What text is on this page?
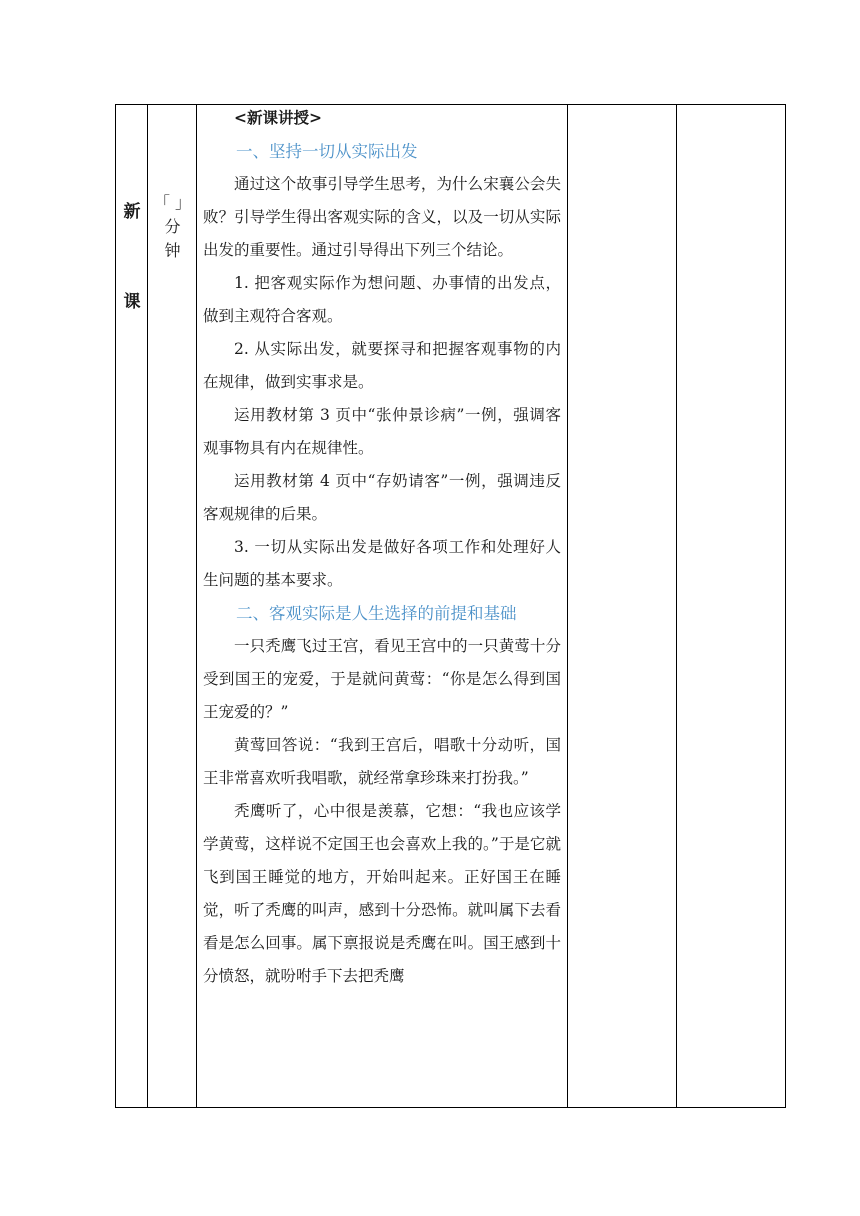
新
课
「 」
分
钟

<新课讲授>

一、坚持一切从实际出发

通过这个故事引导学生思考，为什么宋襄公会失败？引导学生得出客观实际的含义，以及一切从实际出发的重要性。通过引导得出下列三个结论。

1. 把客观实际作为想问题、办事情的出发点，做到主观符合客观。

2. 从实际出发，就要探寻和把握客观事物的内在规律，做到实事求是。

运用教材第 3 页中“张仲景诊病”一例，强调客观事物具有内在规律性。

运用教材第 4 页中“存奶请客”一例，强调违反客观规律的后果。

3. 一切从实际出发是做好各项工作和处理好人生问题的基本要求。

二、客观实际是人生选择的前提和基础

一只秃鹰飞过王宫，看见王宫中的一只黄莺十分受到国王的宠爱，于是就问黄莺：“你是怎么得到国王宠爱的？”

黄莺回答说：“我到王宫后，唱歌十分动听，国王非常喜欢听我唱歌，就经常拿珍珠来打扮我。”

秃鹰听了，心中很是羡慕，它想：“我也应该学学黄莺，这样说不定国王也会喜欢上我的。”于是它就飞到国王睡觉的地方，开始叫起来。正好国王在睡觉，听了秃鹰的叫声，感到十分恐怖。就叫属下去看看是怎么回事。属下禀报说是秃鹰在叫。国王感到十分愤怒，就吩咐手下去把秃鹰
